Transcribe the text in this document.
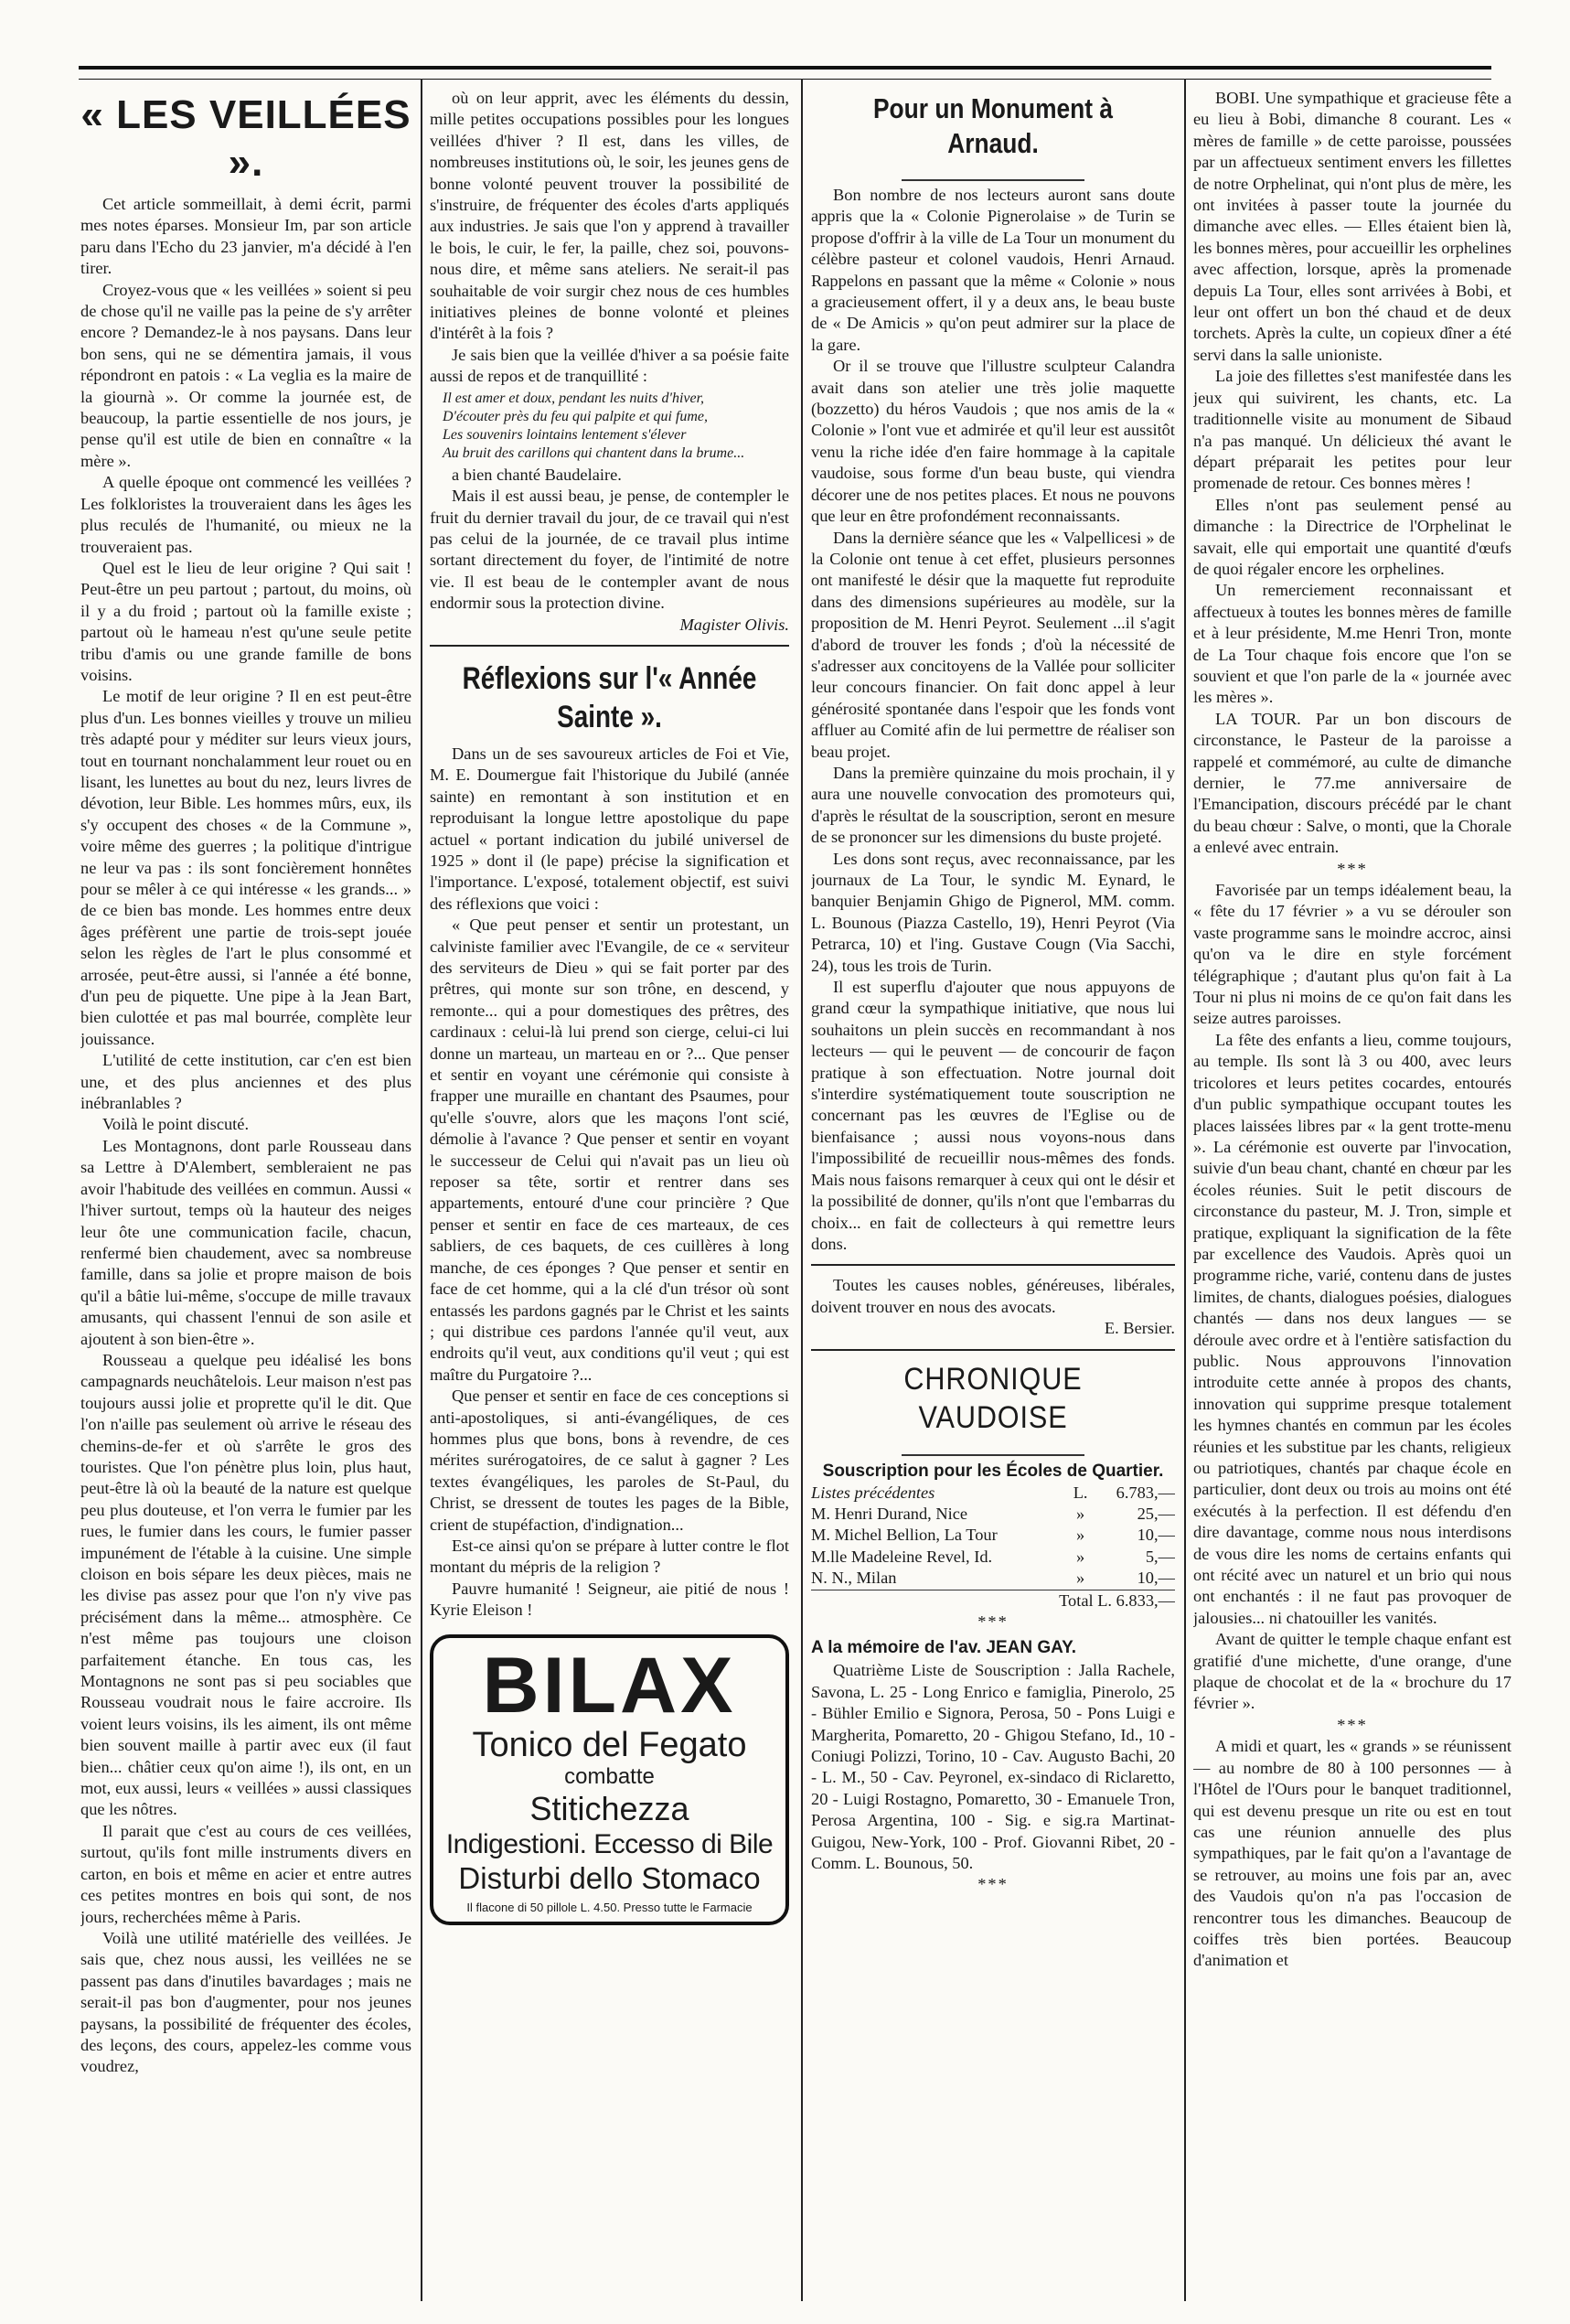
« LES VEILLÉES ».

Cet article sommeillait, à demi écrit, parmi mes notes éparses. Monsieur Im, par son article paru dans l'Echo du 23 janvier, m'a décidé à l'en tirer.

Croyez-vous que « les veillées » soient si peu de chose qu'il ne vaille pas la peine de s'y arrêter encore ? Demandez-le à nos paysans. Dans leur bon sens, qui ne se démentira jamais, il vous répondront en patois : « La veglia es la maire de la giournà ». Or comme la journée est, de beaucoup, la partie essentielle de nos jours, je pense qu'il est utile de bien en connaître « la mère ».

A quelle époque ont commencé les veillées ? Les folkloristes la trouveraient dans les âges les plus reculés de l'humanité, ou mieux ne la trouveraient pas.

Quel est le lieu de leur origine ? Qui sait ! Peut-être un peu partout ; partout, du moins, où il y a du froid ; partout où la famille existe ; partout où le hameau n'est qu'une seule petite tribu d'amis ou une grande famille de bons voisins.

Le motif de leur origine ? Il en est peut-être plus d'un. Les bonnes vieilles y trouve un milieu très adapté pour y méditer sur leurs vieux jours, tout en tournant nonchalamment leur rouet ou en lisant, les lunettes au bout du nez, leurs livres de dévotion, leur Bible. Les hommes mûrs, eux, ils s'y occupent des choses « de la Commune », voire même des guerres ; la politique d'intrigue ne leur va pas : ils sont foncièrement honnêtes pour se mêler à ce qui intéresse « les grands... » de ce bien bas monde. Les hommes entre deux âges préfèrent une partie de trois-sept jouée selon les règles de l'art le plus consommé et arrosée, peut-être aussi, si l'année a été bonne, d'un peu de piquette. Une pipe à la Jean Bart, bien culottée et pas mal bourrée, complète leur jouissance.

L'utilité de cette institution, car c'en est bien une, et des plus anciennes et des plus inébranlables ?

Voilà le point discuté.

Les Montagnons, dont parle Rousseau dans sa Lettre à D'Alembert, sembleraient ne pas avoir l'habitude des veillées en commun. Aussi « l'hiver surtout, temps où la hauteur des neiges leur ôte une communication facile, chacun, renfermé bien chaudement, avec sa nombreuse famille, dans sa jolie et propre maison de bois qu'il a bâtie lui-même, s'occupe de mille travaux amusants, qui chassent l'ennui de son asile et ajoutent à son bien-être ».

Rousseau a quelque peu idéalisé les bons campagnards neuchâtelois. Leur maison n'est pas toujours aussi jolie et proprette qu'il le dit. Que l'on n'aille pas seulement où arrive le réseau des chemins-de-fer et où s'arrête le gros des touristes. Que l'on pénètre plus loin, plus haut, peut-être là où la beauté de la nature est quelque peu plus douteuse, et l'on verra le fumier par les rues, le fumier dans les cours, le fumier passer impunément de l'étable à la cuisine. Une simple cloison en bois sépare les deux pièces, mais ne les divise pas assez pour que l'on n'y vive pas précisément dans la même... atmosphère. Ce n'est même pas toujours une cloison parfaitement étanche. En tous cas, les Montagnons ne sont pas si peu sociables que Rousseau voudrait nous le faire accroire. Ils voient leurs voisins, ils les aiment, ils ont même bien souvent maille à partir avec eux (il faut bien... châtier ceux qu'on aime !), ils ont, en un mot, eux aussi, leurs « veillées » aussi classiques que les nôtres.

Il parait que c'est au cours de ces veillées, surtout, qu'ils font mille instruments divers en carton, en bois et même en acier et entre autres ces petites montres en bois qui sont, de nos jours, recherchées même à Paris.

Voilà une utilité matérielle des veillées. Je sais que, chez nous aussi, les veillées ne se passent pas dans d'inutiles bavardages ; mais ne serait-il pas bon d'augmenter, pour nos jeunes paysans, la possibilité de fréquenter des écoles, des leçons, des cours, appelez-les comme vous voudrez,

où on leur apprit, avec les éléments du dessin, mille petites occupations possibles pour les longues veillées d'hiver ? Il est, dans les villes, de nombreuses institutions où, le soir, les jeunes gens de bonne volonté peuvent trouver la possibilité de s'instruire, de fréquenter des écoles d'arts appliqués aux industries. Je sais que l'on y apprend à travailler le bois, le cuir, le fer, la paille, chez soi, pouvons-nous dire, et même sans ateliers. Ne serait-il pas souhaitable de voir surgir chez nous de ces humbles initiatives pleines de bonne volonté et pleines d'intérêt à la fois ?

Je sais bien que la veillée d'hiver a sa poésie faite aussi de repos et de tranquillité :

Il est amer et doux, pendant les nuits d'hiver,

D'écouter près du feu qui palpite et qui fume,

Les souvenirs lointains lentement s'élever

Au bruit des carillons qui chantent dans la brume...

a bien chanté Baudelaire.

Mais il est aussi beau, je pense, de contempler le fruit du dernier travail du jour, de ce travail qui n'est pas celui de la journée, de ce travail plus intime sortant directement du foyer, de l'intimité de notre vie. Il est beau de le contempler avant de nous endormir sous la protection divine.

Magister Olivis.

Réflexions sur l'« Année Sainte ».

Dans un de ses savoureux articles de Foi et Vie, M. E. Doumergue fait l'historique du Jubilé (année sainte) en remontant à son institution et en reproduisant la longue lettre apostolique du pape actuel « portant indication du jubilé universel de 1925 » dont il (le pape) précise la signification et l'importance. L'exposé, totalement objectif, est suivi des réflexions que voici :

« Que peut penser et sentir un protestant, un calviniste familier avec l'Evangile, de ce « serviteur des serviteurs de Dieu » qui se fait porter par des prêtres, qui monte sur son trône, en descend, y remonte... qui a pour domestiques des prêtres, des cardinaux : celui-là lui prend son cierge, celui-ci lui donne un marteau, un marteau en or ?... Que penser et sentir en voyant une cérémonie qui consiste à frapper une muraille en chantant des Psaumes, pour qu'elle s'ouvre, alors que les maçons l'ont scié, démolie à l'avance ? Que penser et sentir en voyant le successeur de Celui qui n'avait pas un lieu où reposer sa tête, sortir et rentrer dans ses appartements, entouré d'une cour princière ? Que penser et sentir en face de ces marteaux, de ces sabliers, de ces baquets, de ces cuillères à long manche, de ces éponges ? Que penser et sentir en face de cet homme, qui a la clé d'un trésor où sont entassés les pardons gagnés par le Christ et les saints ; qui distribue ces pardons l'année qu'il veut, aux endroits qu'il veut, aux conditions qu'il veut ; qui est maître du Purgatoire ?...

Que penser et sentir en face de ces conceptions si anti-apostoliques, si anti-évangéliques, de ces hommes plus que bons, bons à revendre, de ces mérites surérogatoires, de ce salut à gagner ? Les textes évangéliques, les paroles de St-Paul, du Christ, se dressent de toutes les pages de la Bible, crient de stupéfaction, d'indignation...

Est-ce ainsi qu'on se prépare à lutter contre le flot montant du mépris de la religion ?

Pauvre humanité ! Seigneur, aie pitié de nous ! Kyrie Eleison !

BILAX
Tonico del Fegato
combatte
Stitichezza
Indigestioni. Eccesso di Bile
Disturbi dello Stomaco
Il flacone di 50 pillole L. 4.50. Presso tutte le Farmacie
Pour un Monument à Arnaud.

Bon nombre de nos lecteurs auront sans doute appris que la « Colonie Pignerolaise » de Turin se propose d'offrir à la ville de La Tour un monument du célèbre pasteur et colonel vaudois, Henri Arnaud. Rappelons en passant que la même « Colonie » nous a gracieusement offert, il y a deux ans, le beau buste de « De Amicis » qu'on peut admirer sur la place de la gare.

Or il se trouve que l'illustre sculpteur Calandra avait dans son atelier une très jolie maquette (bozzetto) du héros Vaudois ; que nos amis de la « Colonie » l'ont vue et admirée et qu'il leur est aussitôt venu la riche idée d'en faire hommage à la capitale vaudoise, sous forme d'un beau buste, qui viendra décorer une de nos petites places. Et nous ne pouvons que leur en être profondément reconnaissants.

Dans la dernière séance que les « Valpellicesi » de la Colonie ont tenue à cet effet, plusieurs personnes ont manifesté le désir que la maquette fut reproduite dans des dimensions supérieures au modèle, sur la proposition de M. Henri Peyrot. Seulement ...il s'agit d'abord de trouver les fonds ; d'où la nécessité de s'adresser aux concitoyens de la Vallée pour solliciter leur concours financier. On fait donc appel à leur générosité spontanée dans l'espoir que les fonds vont affluer au Comité afin de lui permettre de réaliser son beau projet.

Dans la première quinzaine du mois prochain, il y aura une nouvelle convocation des promoteurs qui, d'après le résultat de la souscription, seront en mesure de se prononcer sur les dimensions du buste projeté.

Les dons sont reçus, avec reconnaissance, par les journaux de La Tour, le syndic M. Eynard, le banquier Benjamin Ghigo de Pignerol, MM. comm. L. Bounous (Piazza Castello, 19), Henri Peyrot (Via Petrarca, 10) et l'ing. Gustave Cougn (Via Sacchi, 24), tous les trois de Turin.

Il est superflu d'ajouter que nous appuyons de grand cœur la sympathique initiative, que nous lui souhaitons un plein succès en recommandant à nos lecteurs — qui le peuvent — de concourir de façon pratique à son effectuation. Notre journal doit s'interdire systématiquement toute souscription ne concernant pas les œuvres de l'Eglise ou de bienfaisance ; aussi nous voyons-nous dans l'impossibilité de recueillir nous-mêmes des fonds. Mais nous faisons remarquer à ceux qui ont le désir et la possibilité de donner, qu'ils n'ont que l'embarras du choix... en fait de collecteurs à qui remettre leurs dons.

Toutes les causes nobles, généreuses, libérales, doivent trouver en nous des avocats.

E. Bersier.

CHRONIQUE VAUDOISE
Souscription pour les Écoles de Quartier.
Listes précédentes	L.	6.783,—
M. Henri Durand, Nice	»	25,—
M. Michel Bellion, La Tour	»	10,—
M.lle Madeleine Revel, Id.	»	5,—
N. N., Milan	»	10,—
Total L. 6.833,—		

***

A la mémoire de l'av. JEAN GAY.

Quatrième Liste de Souscription : Jalla Rachele, Savona, L. 25 - Long Enrico e famiglia, Pinerolo, 25 - Bühler Emilio e Signora, Perosa, 50 - Pons Luigi e Margherita, Pomaretto, 20 - Ghigou Stefano, Id., 10 - Coniugi Polizzi, Torino, 10 - Cav. Augusto Bachi, 20 - L. M., 50 - Cav. Peyronel, ex-sindaco di Riclaretto, 20 - Luigi Rostagno, Pomaretto, 30 - Emanuele Tron, Perosa Argentina, 100 - Sig. e sig.ra Martinat-Guigou, New-York, 100 - Prof. Giovanni Ribet, 20 - Comm. L. Bounous, 50.

***

BOBI. Une sympathique et gracieuse fête a eu lieu à Bobi, dimanche 8 courant. Les « mères de famille » de cette paroisse, poussées par un affectueux sentiment envers les fillettes de notre Orphelinat, qui n'ont plus de mère, les ont invitées à passer toute la journée du dimanche avec elles. — Elles étaient bien là, les bonnes mères, pour accueillir les orphelines avec affection, lorsque, après la promenade depuis La Tour, elles sont arrivées à Bobi, et leur ont offert un bon thé chaud et de deux torchets. Après la culte, un copieux dîner a été servi dans la salle unioniste.

La joie des fillettes s'est manifestée dans les jeux qui suivirent, les chants, etc. La traditionnelle visite au monument de Sibaud n'a pas manqué. Un délicieux thé avant le départ préparait les petites pour leur promenade de retour. Ces bonnes mères !

Elles n'ont pas seulement pensé au dimanche : la Directrice de l'Orphelinat le savait, elle qui emportait une quantité d'œufs de quoi régaler encore les orphelines.

Un remerciement reconnaissant et affectueux à toutes les bonnes mères de famille et à leur présidente, M.me Henri Tron, monte de La Tour chaque fois encore que l'on se souvient et que l'on parle de la « journée avec les mères ».

LA TOUR. Par un bon discours de circonstance, le Pasteur de la paroisse a rappelé et commémoré, au culte de dimanche dernier, le 77.me anniversaire de l'Emancipation, discours précédé par le chant du beau chœur : Salve, o monti, que la Chorale a enlevé avec entrain.

***

Favorisée par un temps idéalement beau, la « fête du 17 février » a vu se dérouler son vaste programme sans le moindre accroc, ainsi qu'on va le dire en style forcément télégraphique ; d'autant plus qu'on fait à La Tour ni plus ni moins de ce qu'on fait dans les seize autres paroisses.

La fête des enfants a lieu, comme toujours, au temple. Ils sont là 3 ou 400, avec leurs tricolores et leurs petites cocardes, entourés d'un public sympathique occupant toutes les places laissées libres par « la gent trotte-menu ». La cérémonie est ouverte par l'invocation, suivie d'un beau chant, chanté en chœur par les écoles réunies. Suit le petit discours de circonstance du pasteur, M. J. Tron, simple et pratique, expliquant la signification de la fête par excellence des Vaudois. Après quoi un programme riche, varié, contenu dans de justes limites, de chants, dialogues poésies, dialogues chantés — dans nos deux langues — se déroule avec ordre et à l'entière satisfaction du public. Nous approuvons l'innovation introduite cette année à propos des chants, innovation qui supprime presque totalement les hymnes chantés en commun par les écoles réunies et les substitue par les chants, religieux ou patriotiques, chantés par chaque école en particulier, dont deux ou trois au moins ont été exécutés à la perfection. Il est défendu d'en dire davantage, comme nous nous interdisons de vous dire les noms de certains enfants qui ont récité avec un naturel et un brio qui nous ont enchantés : il ne faut pas provoquer de jalousies... ni chatouiller les vanités.

Avant de quitter le temple chaque enfant est gratifié d'une michette, d'une orange, d'une plaque de chocolat et de la « brochure du 17 février ».

***

A midi et quart, les « grands » se réunissent — au nombre de 80 à 100 personnes — à l'Hôtel de l'Ours pour le banquet traditionnel, qui est devenu presque un rite ou est en tout cas une réunion annuelle des plus sympathiques, par le fait qu'on a l'avantage de se retrouver, au moins une fois par an, avec des Vaudois qu'on n'a pas l'occasion de rencontrer tous les dimanches. Beaucoup de coiffes très bien portées. Beaucoup d'animation et
